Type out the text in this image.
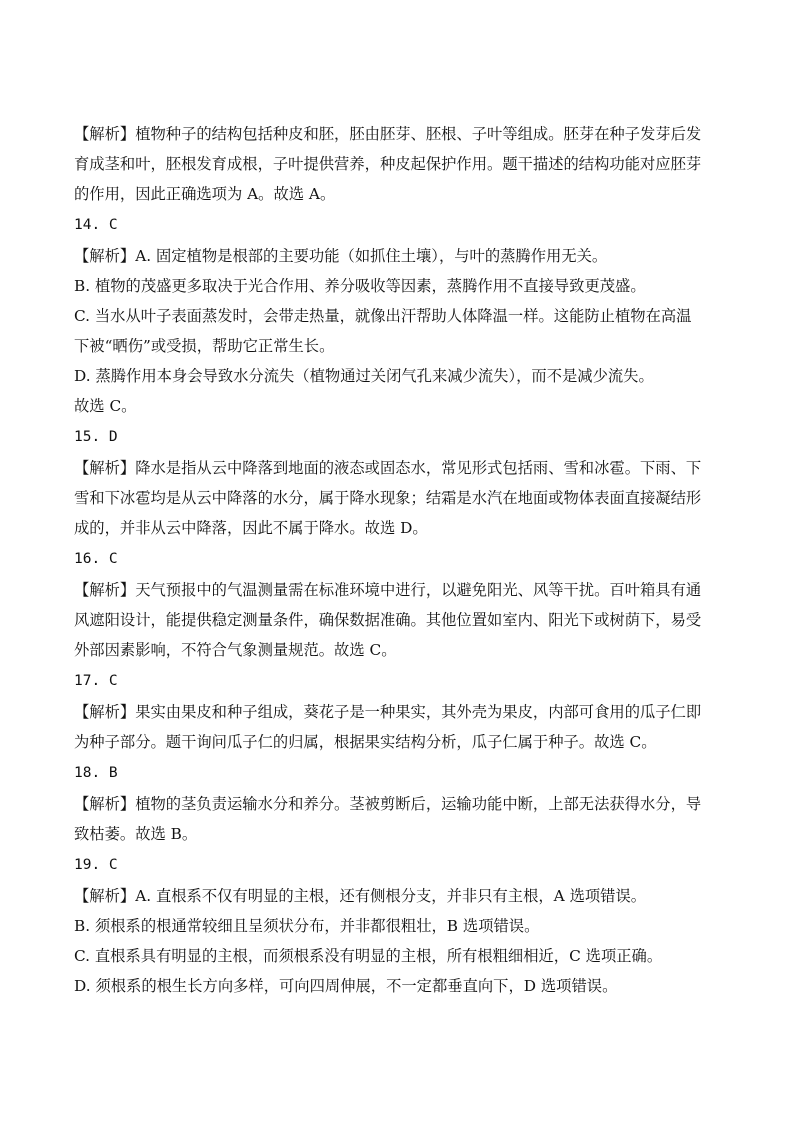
【解析】植物种子的结构包括种皮和胚，胚由胚芽、胚根、子叶等组成。胚芽在种子发芽后发
育成茎和叶，胚根发育成根，子叶提供营养，种皮起保护作用。题干描述的结构功能对应胚芽
的作用，因此正确选项为 A。故选 A。
14. C
【解析】A. 固定植物是根部的主要功能（如抓住土壤），与叶的蒸腾作用无关。
B. 植物的茂盛更多取决于光合作用、养分吸收等因素，蒸腾作用不直接导致更茂盛。
C. 当水从叶子表面蒸发时，会带走热量，就像出汗帮助人体降温一样。这能防止植物在高温
下被“晒伤”或受损，帮助它正常生长。
D. 蒸腾作用本身会导致水分流失（植物通过关闭气孔来减少流失），而不是减少流失。
故选 C。
15. D
【解析】降水是指从云中降落到地面的液态或固态水，常见形式包括雨、雪和冰雹。下雨、下
雪和下冰雹均是从云中降落的水分，属于降水现象；结霜是水汽在地面或物体表面直接凝结形
成的，并非从云中降落，因此不属于降水。故选 D。
16. C
【解析】天气预报中的气温测量需在标准环境中进行，以避免阳光、风等干扰。百叶箱具有通
风遮阳设计，能提供稳定测量条件，确保数据准确。其他位置如室内、阳光下或树荫下，易受
外部因素影响，不符合气象测量规范。故选 C。
17. C
【解析】果实由果皮和种子组成，葵花子是一种果实，其外壳为果皮，内部可食用的瓜子仁即
为种子部分。题干询问瓜子仁的归属，根据果实结构分析，瓜子仁属于种子。故选 C。
18. B
【解析】植物的茎负责运输水分和养分。茎被剪断后，运输功能中断，上部无法获得水分，导
致枯萎。故选 B。
19. C
【解析】A. 直根系不仅有明显的主根，还有侧根分支，并非只有主根，A 选项错误。
B. 须根系的根通常较细且呈须状分布，并非都很粗壮，B 选项错误。
C. 直根系具有明显的主根，而须根系没有明显的主根，所有根粗细相近，C 选项正确。
D. 须根系的根生长方向多样，可向四周伸展，不一定都垂直向下，D 选项错误。
